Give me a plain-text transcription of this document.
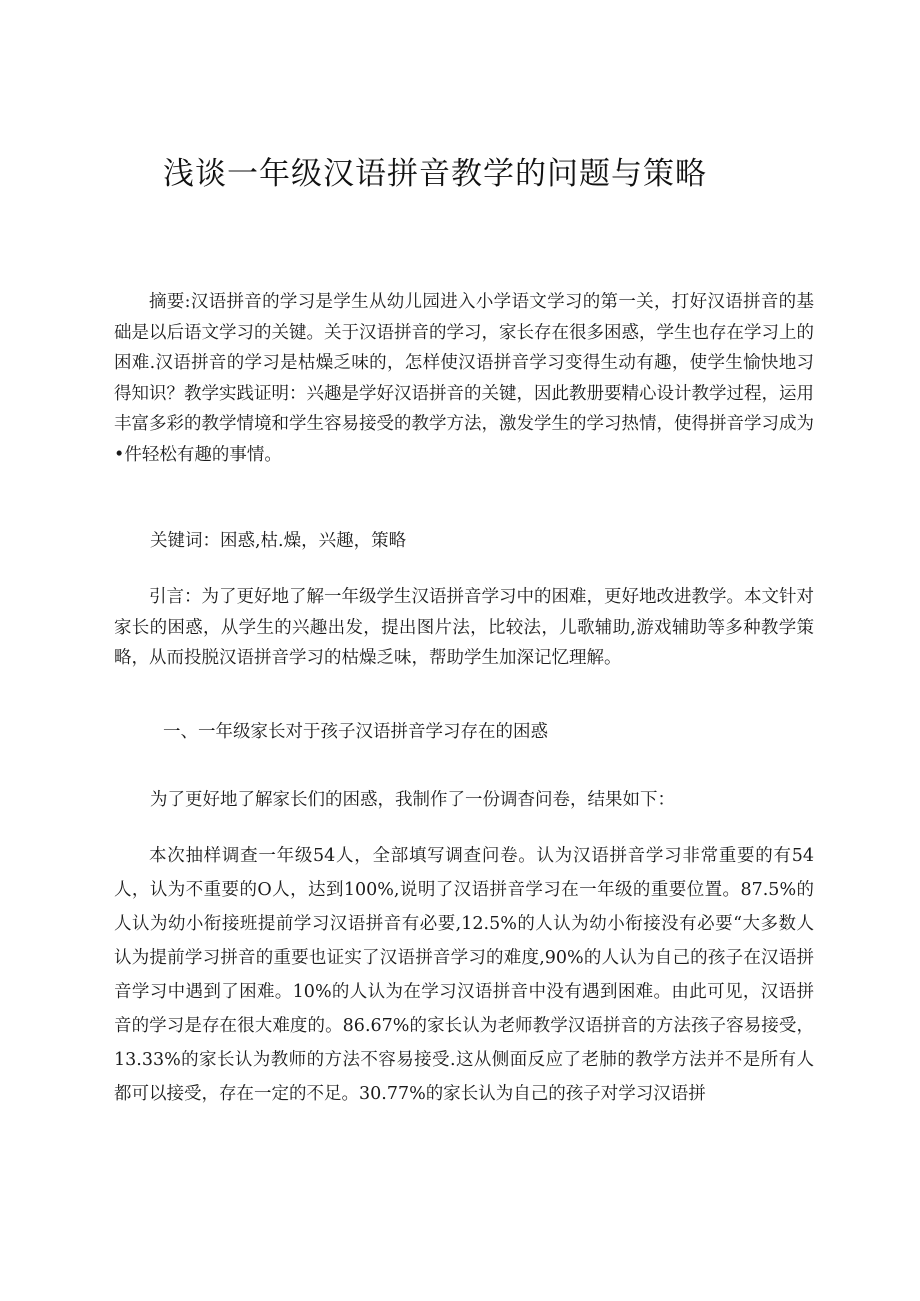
浅谈一年级汉语拼音教学的问题与策略

摘要:汉语拼音的学习是学生从幼儿园进入小学语文学习的第一关，打好汉语拼音的基础是以后语文学习的关键。关于汉语拼音的学习，家长存在很多困惑，学生也存在学习上的困难.汉语拼音的学习是枯燥乏味的，怎样使汉语拼音学习变得生动有趣，使学生愉快地习得知识？教学实践证明：兴趣是学好汉语拼音的关键，因此教册要精心设计教学过程，运用丰富多彩的教学情境和学生容易接受的教学方法，激发学生的学习热情，使得拼音学习成为•件轻松有趣的事情。

关键词：困惑,枯.燥，兴趣，策略

引言：为了更好地了解一年级学生汉语拼音学习中的困难，更好地改进教学。本文针对家长的困惑，从学生的兴趣出发，提出图片法，比较法，儿歌辅助,游戏辅助等多种教学策略，从而投脱汉语拼音学习的枯燥乏味，帮助学生加深记忆理解。

一、一年级家长对于孩子汉语拼音学习存在的困惑

为了更好地了解家长们的困惑，我制作了一份调杳问卷，结果如下：

本次抽样调查一年级54人，全部填写调查问卷。认为汉语拼音学习非常重要的有54人，认为不重要的O人，达到100%,说明了汉语拼音学习在一年级的重要位置。87.5%的人认为幼小衔接班提前学习汉语拼音有必要,12.5%的人认为幼小衔接没有必要“大多数人认为提前学习拼音的重要也证实了汉语拼音学习的难度,90%的人认为自己的孩子在汉语拼音学习中遇到了困难。10%的人认为在学习汉语拼音中没有遇到困难。由此可见，汉语拼音的学习是存在很大难度的。86.67%的家长认为老师教学汉语拼音的方法孩子容易接受，13.33%的家长认为教师的方法不容易接受.这从侧面反应了老肺的教学方法并不是所有人都可以接受，存在一定的不足。30.77%的家长认为自己的孩子对学习汉语拼
